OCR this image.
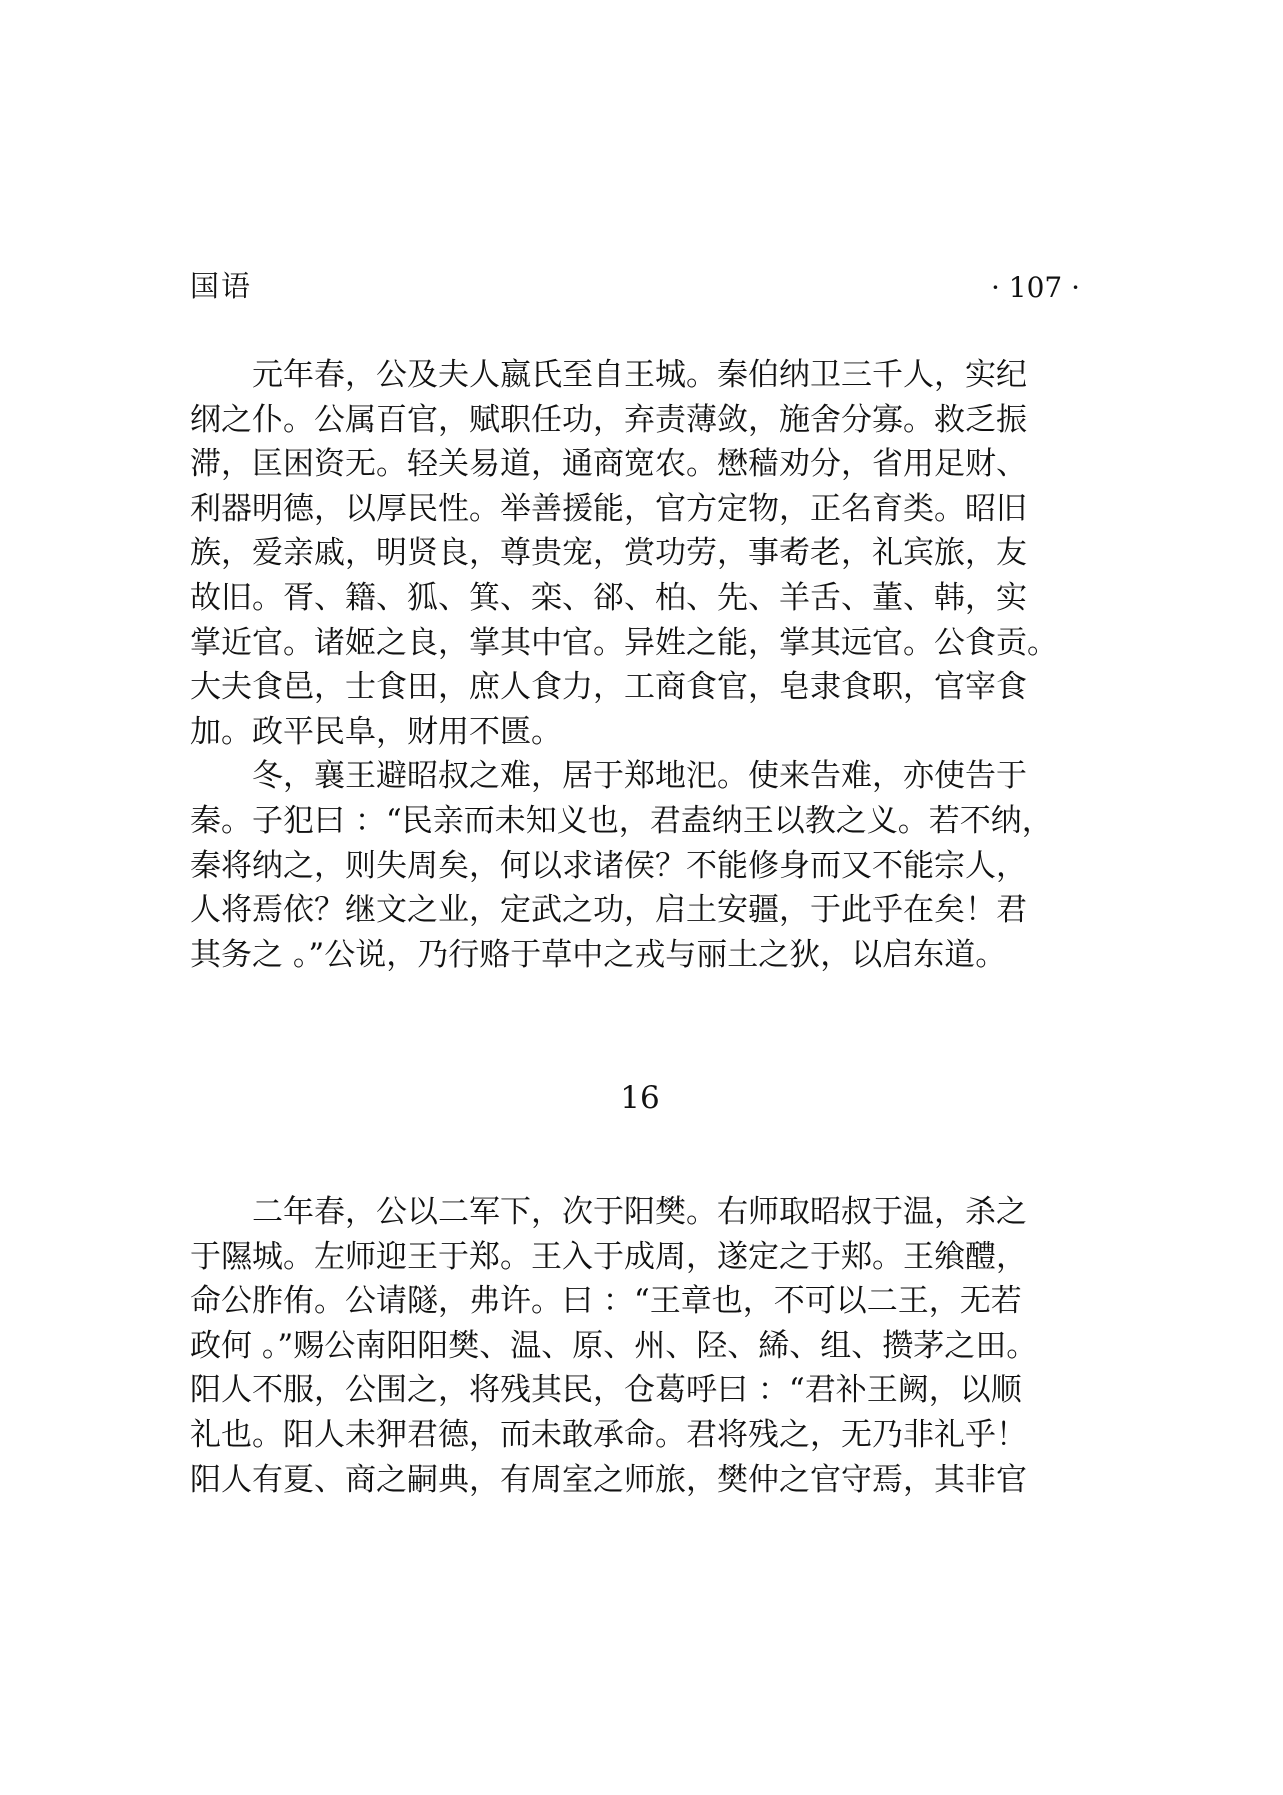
国语	· 107 ·
元年春，公及夫人嬴氏至自王城。秦伯纳卫三千人，实纪
纲之仆。公属百官，赋职任功，弃责薄敛，施舍分寡。救乏振
滞，匡困资无。轻关易道，通商宽农。懋穑劝分，省用足财、
利器明德，以厚民性。举善援能，官方定物，正名育类。昭旧
族，爱亲戚，明贤良，尊贵宠，赏功劳，事耇老，礼宾旅，友
故旧。胥、籍、狐、箕、栾、郤、柏、先、羊舌、董、韩，实
掌近官。诸姬之良，掌其中官。异姓之能，掌其远官。公食贡。
大夫食邑，士食田，庶人食力，工商食官，皂隶食职，官宰食
加。政平民阜，财用不匮。
冬，襄王避昭叔之难，居于郑地汜。使来告难，亦使告于
秦。子犯曰 ：“民亲而未知义也，君盍纳王以教之义。若不纳，
秦将纳之，则失周矣，何以求诸侯？不能修身而又不能宗人，
人将焉依？继文之业，定武之功，启土安疆，于此乎在矣！君
其务之 。”公说，乃行赂于草中之戎与丽土之狄，以启东道。
16
二年春，公以二军下，次于阳樊。右师取昭叔于温，杀之
于隰城。左师迎王于郑。王入于成周，遂定之于郏。王飨醴，
命公胙侑。公请隧，弗许。曰 ：“王章也，不可以二王，无若
政何 。”赐公南阳阳樊、温、原、州、陉、絺、组、攒茅之田。
阳人不服，公围之，将残其民，仓葛呼曰 ：“君补王阙，以顺
礼也。阳人未狎君德，而未敢承命。君将残之，无乃非礼乎！
阳人有夏、商之嗣典，有周室之师旅，樊仲之官守焉，其非官
